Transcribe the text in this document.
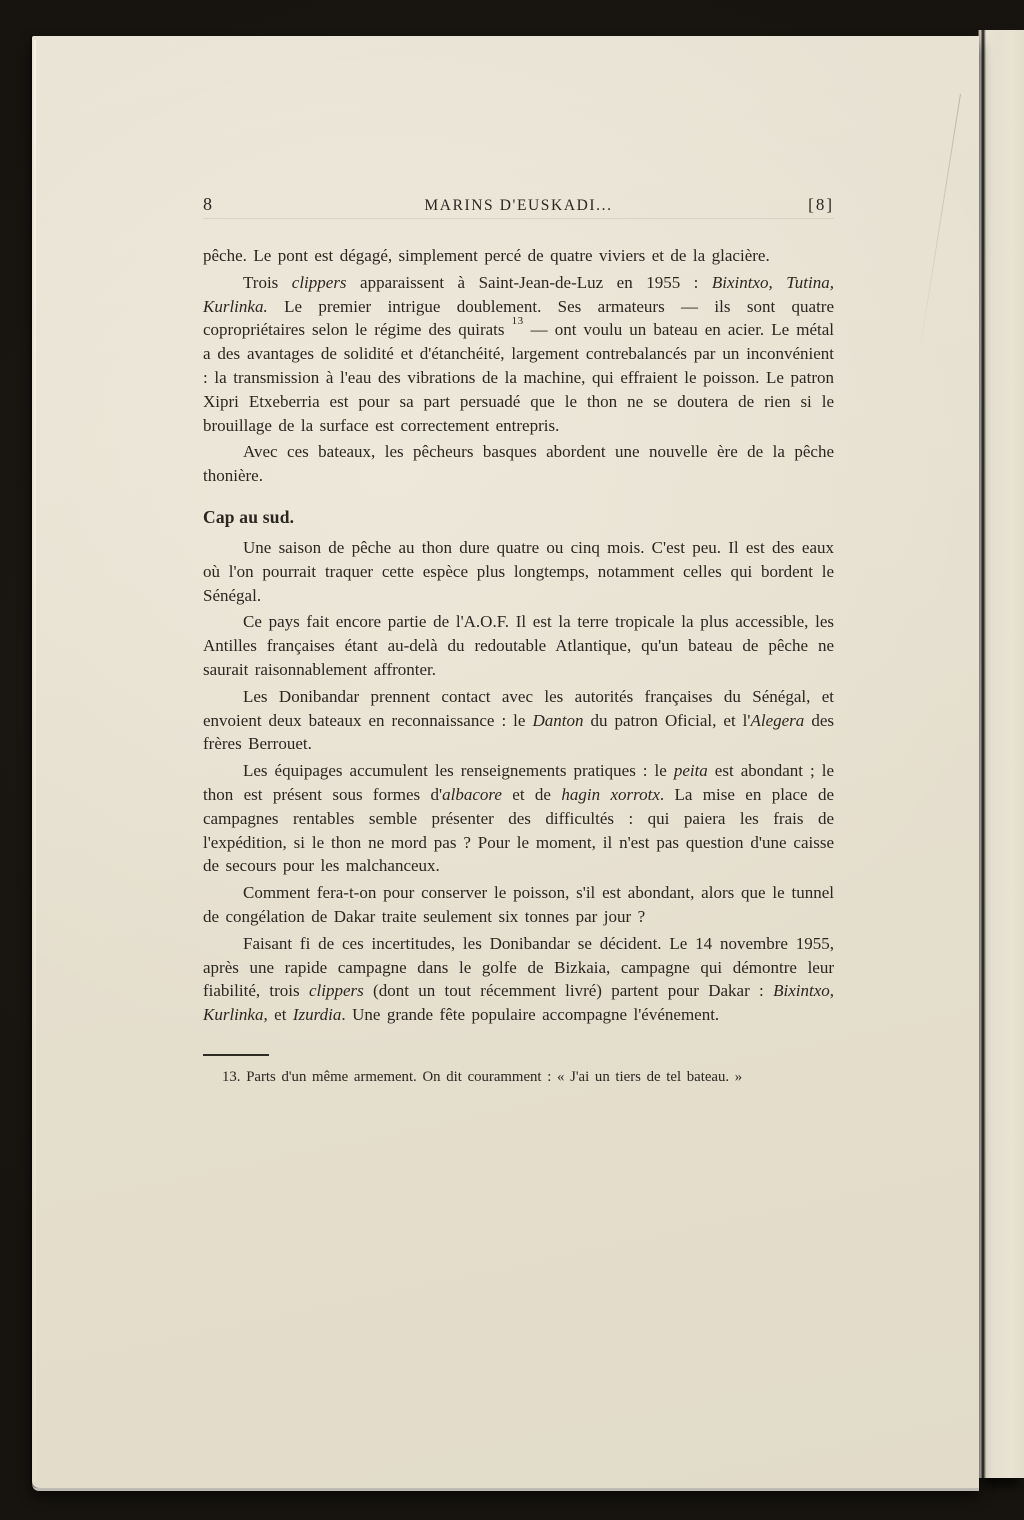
8	MARINS D'EUSKADI...	[8]

pêche. Le pont est dégagé, simplement percé de quatre viviers et de la glacière.

Trois clippers apparaissent à Saint-Jean-de-Luz en 1955 : Bixintxo, Tutina, Kurlinka. Le premier intrigue doublement. Ses armateurs — ils sont quatre copropriétaires selon le régime des quirats $^{13}$ — ont voulu un bateau en acier. Le métal a des avantages de solidité et d'étanchéité, largement contrebalancés par un inconvénient : la transmission à l'eau des vibrations de la machine, qui effraient le poisson. Le patron Xipri Etxeberria est pour sa part persuadé que le thon ne se doutera de rien si le brouillage de la surface est correctement entrepris.

Avec ces bateaux, les pêcheurs basques abordent une nouvelle ère de la pêche thonière.

Cap au sud.

Une saison de pêche au thon dure quatre ou cinq mois. C'est peu. Il est des eaux où l'on pourrait traquer cette espèce plus longtemps, notamment celles qui bordent le Sénégal.

Ce pays fait encore partie de l'A.O.F. Il est la terre tropicale la plus accessible, les Antilles françaises étant au-delà du redoutable Atlantique, qu'un bateau de pêche ne saurait raisonnablement affronter.

Les Donibandar prennent contact avec les autorités françaises du Sénégal, et envoient deux bateaux en reconnaissance : le Danton du patron Oficial, et l'Alegera des frères Berrouet.

Les équipages accumulent les renseignements pratiques : le peita est abondant ; le thon est présent sous formes d'albacore et de hagin xorrotx. La mise en place de campagnes rentables semble présenter des difficultés : qui paiera les frais de l'expédition, si le thon ne mord pas ? Pour le moment, il n'est pas question d'une caisse de secours pour les malchanceux.

Comment fera-t-on pour conserver le poisson, s'il est abondant, alors que le tunnel de congélation de Dakar traite seulement six tonnes par jour ?

Faisant fi de ces incertitudes, les Donibandar se décident. Le 14 novembre 1955, après une rapide campagne dans le golfe de Bizkaia, campagne qui démontre leur fiabilité, trois clippers (dont un tout récemment livré) partent pour Dakar : Bixintxo, Kurlinka, et Izurdia. Une grande fête populaire accompagne l'événement.

13. Parts d'un même armement. On dit couramment : « J'ai un tiers de tel bateau. »
